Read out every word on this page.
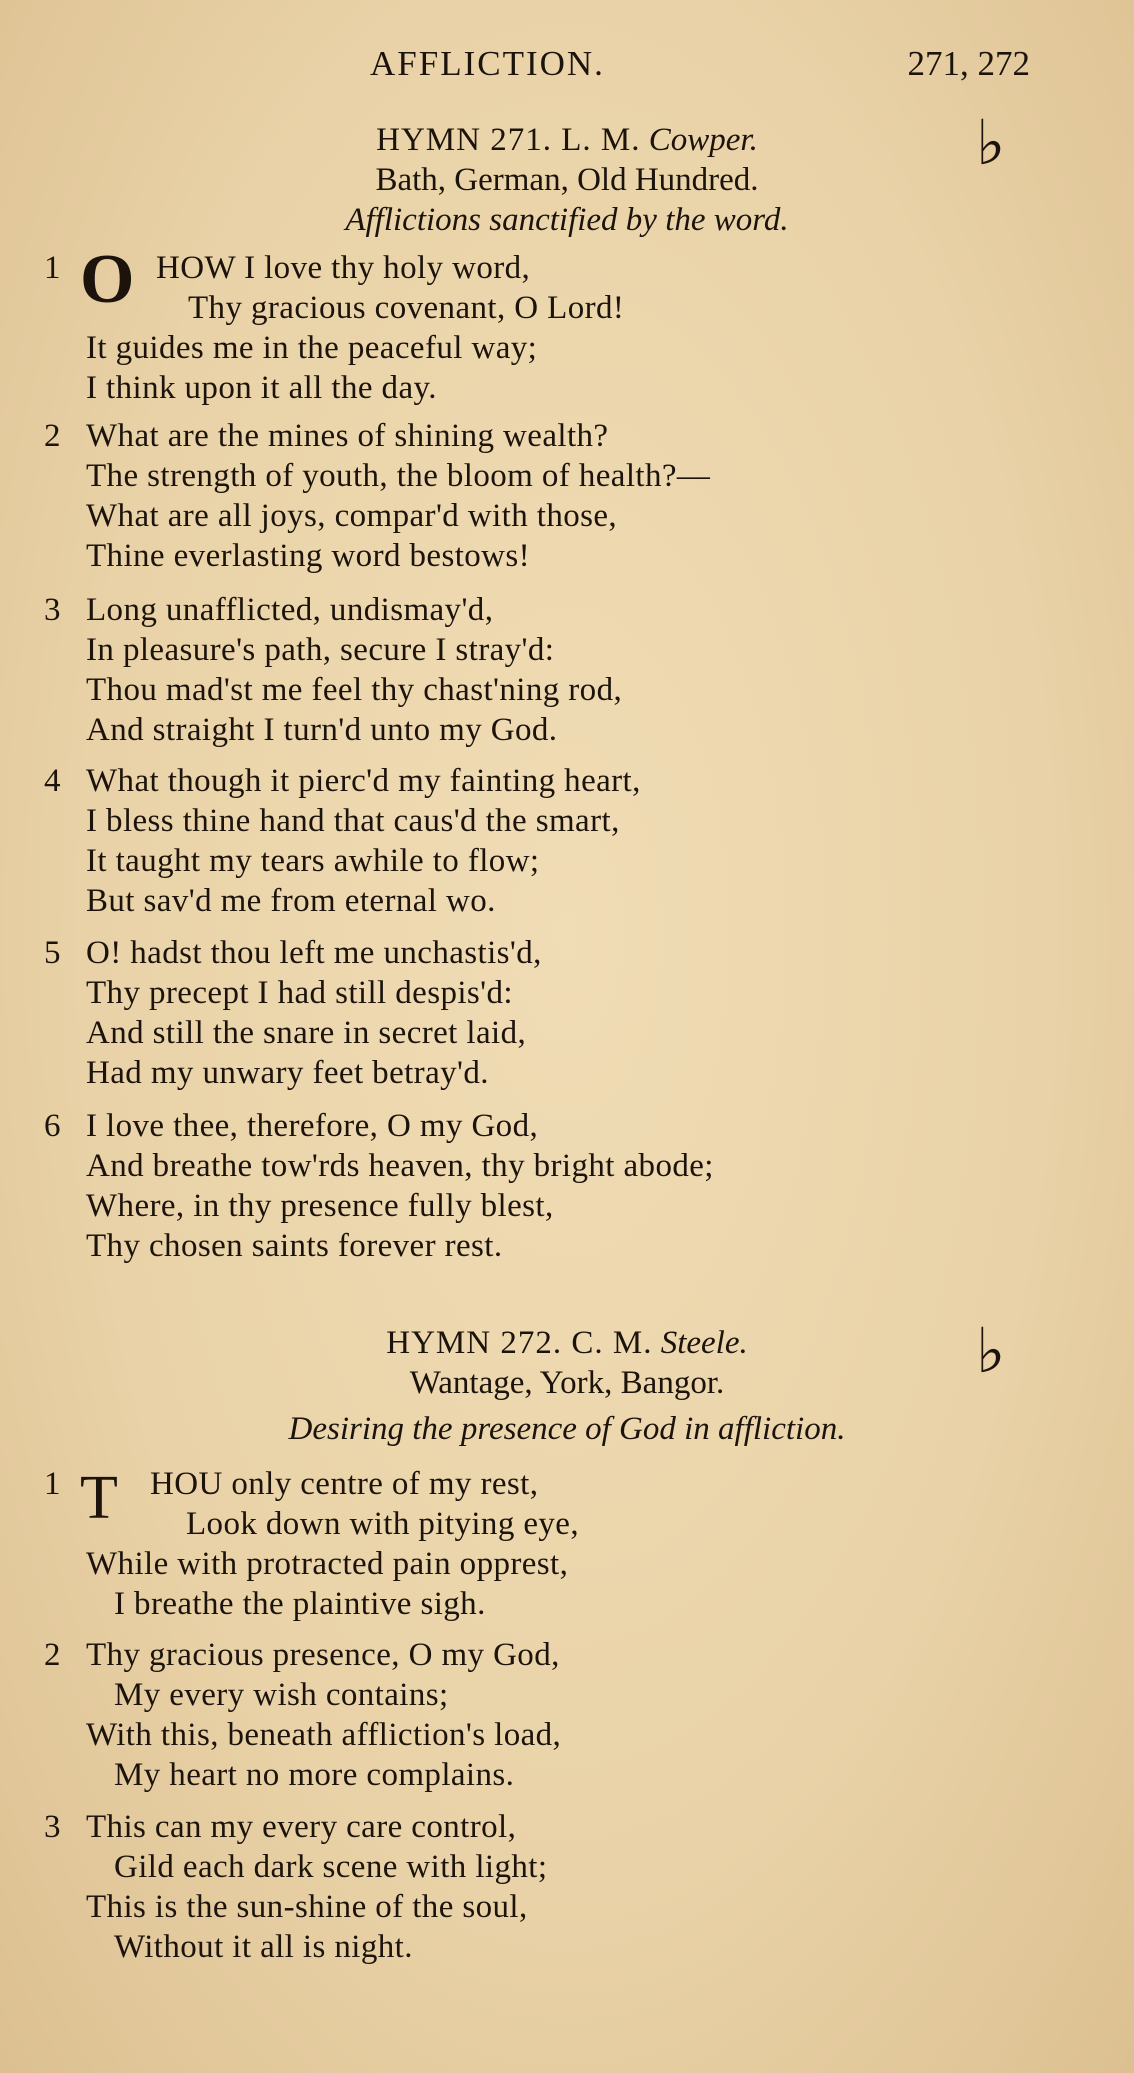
AFFLICTION.	271, 272
HYMN 271. L. M. Cowper.
Bath, German, Old Hundred.
Afflictions sanctified by the word.
♭
1 O HOW I love thy holy word,
Thy gracious covenant, O Lord!
It guides me in the peaceful way;
I think upon it all the day.
2 What are the mines of shining wealth?
The strength of youth, the bloom of health?—
What are all joys, compar'd with those,
Thine everlasting word bestows!
3 Long unafflicted, undismay'd,
In pleasure's path, secure I stray'd:
Thou mad'st me feel thy chast'ning rod,
And straight I turn'd unto my God.
4 What though it pierc'd my fainting heart,
I bless thine hand that caus'd the smart,
It taught my tears awhile to flow;
But sav'd me from eternal wo.
5 O! hadst thou left me unchastis'd,
Thy precept I had still despis'd:
And still the snare in secret laid,
Had my unwary feet betray'd.
6 I love thee, therefore, O my God,
And breathe tow'rds heaven, thy bright abode;
Where, in thy presence fully blest,
Thy chosen saints forever rest.
HYMN 272. C. M. Steele.
Wantage, York, Bangor.
Desiring the presence of God in affliction.
♭
1 T HOU only centre of my rest,
Look down with pitying eye,
While with protracted pain opprest,
I breathe the plaintive sigh.
2 Thy gracious presence, O my God,
My every wish contains;
With this, beneath affliction's load,
My heart no more complains.
3 This can my every care control,
Gild each dark scene with light;
This is the sun-shine of the soul,
Without it all is night.
